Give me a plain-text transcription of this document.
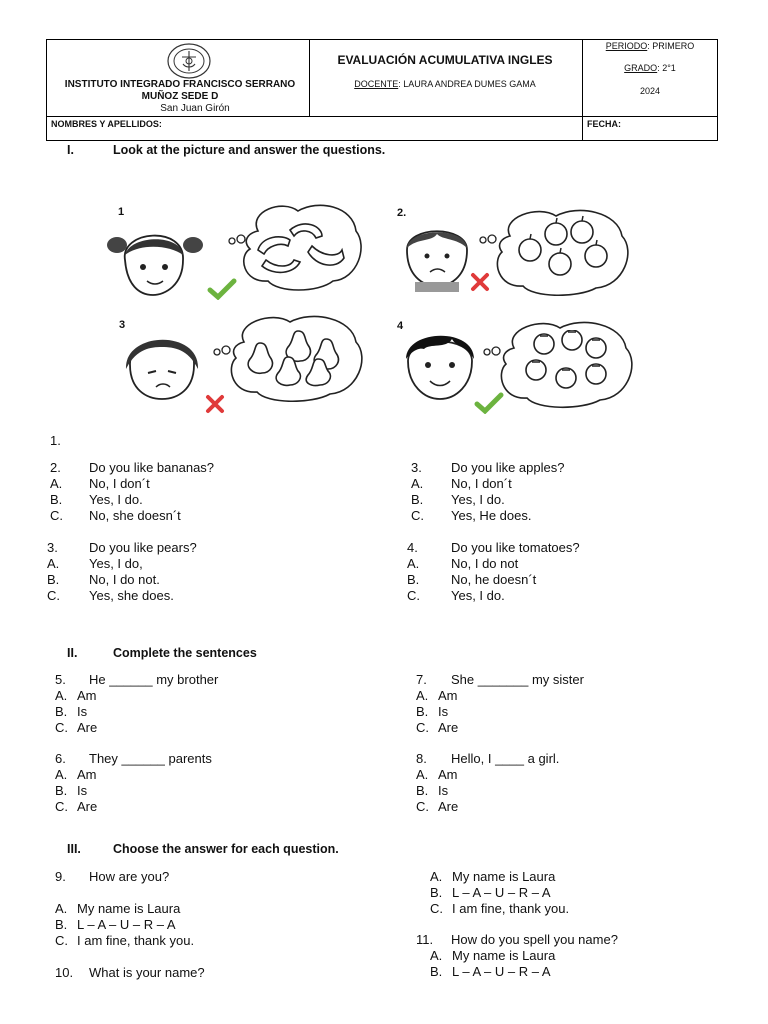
INSTITUTO INTEGRADO FRANCISCO SERRANO
MUÑOZ SEDE D
San Juan Girón
EVALUACIÓN ACUMULATIVA INGLES
DOCENTE: LAURA ANDREA DUMES GAMA
PERIODO: PRIMERO
GRADO: 2°1
2024
NOMBRES Y APELLIDOS:	FECHA:
I.	Look at the picture and answer the questions.
1	2.
3	4
1.
2. Do you like bananas?
A. No, I don´t
B. Yes, I do.
C. No, she doesn´t
3. Do you like apples?
A. No, I don´t
B. Yes, I do.
C. Yes, He does.
3. Do you like pears?
A. Yes, I do,
B. No, I do not.
C. Yes, she does.
4.	Do you like tomatoes?
A. No, I do not
B. No, he doesn´t
C. Yes, I do.
II.	Complete the sentences
5. He ______ my brother
A. Am
B. Is
C. Are
7. She _______ my sister
A. Am
B. Is
C. Are
6. They ______ parents
A. Am
B. Is
C. Are
8. Hello, I ____ a girl.
A. Am
B. Is
C. Are
III.	Choose the answer for each question.
9. How are you?
A. My name is Laura
B. L – A – U – R – A
C. I am fine, thank you.
10. What is your name?
A. My name is Laura
B. L – A – U – R – A
C. I am fine, thank you.
11. How do you spell you name?
A. My name is Laura
B. L – A – U – R – A
